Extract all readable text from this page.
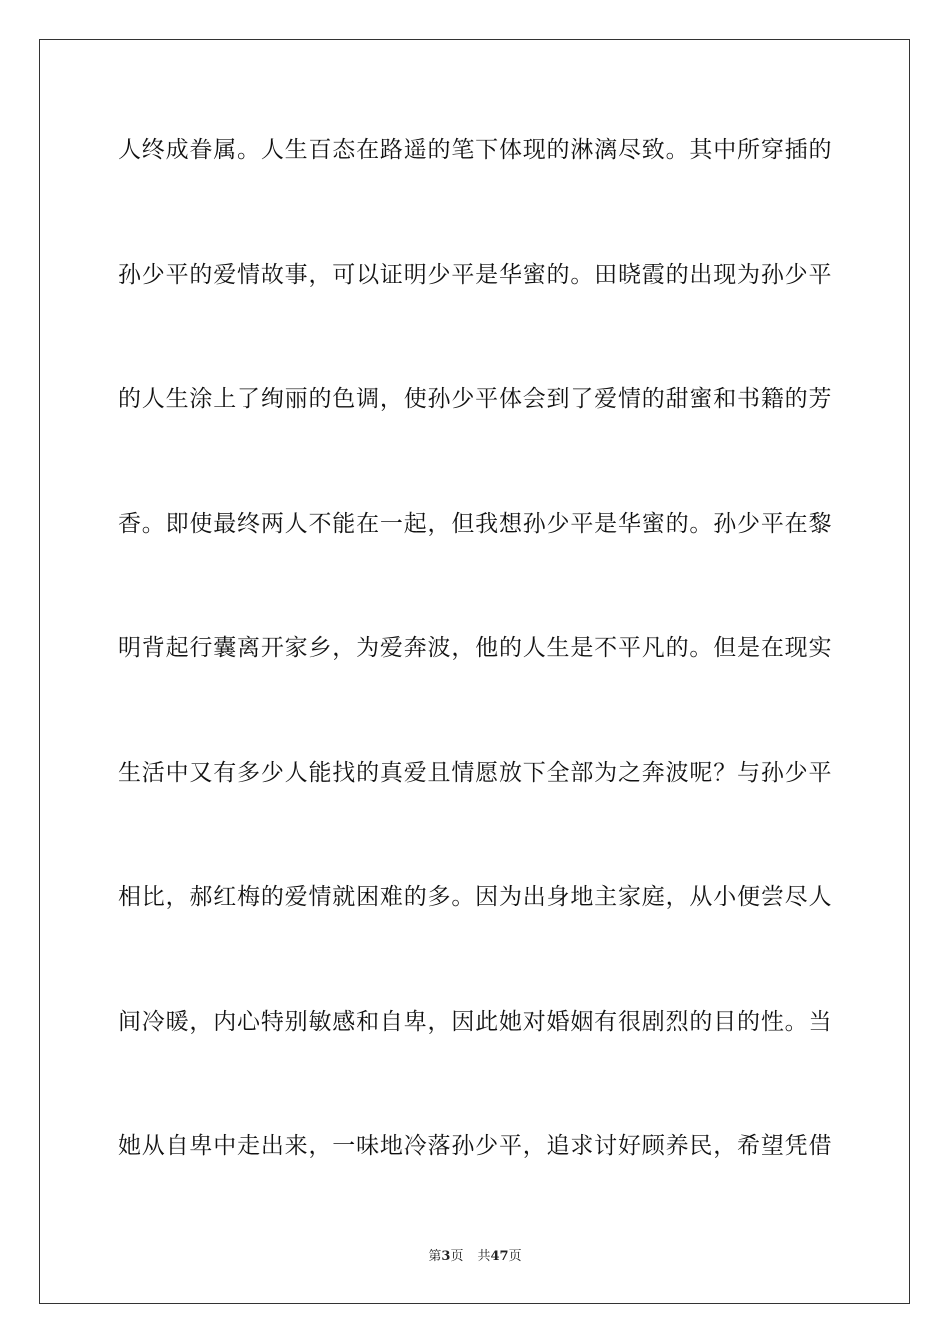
人终成眷属。人生百态在路遥的笔下体现的淋漓尽致。其中所穿插的
孙少平的爱情故事，可以证明少平是华蜜的。田晓霞的出现为孙少平
的人生涂上了绚丽的色调，使孙少平体会到了爱情的甜蜜和书籍的芳
香。即使最终两人不能在一起，但我想孙少平是华蜜的。孙少平在黎
明背起行囊离开家乡，为爱奔波，他的人生是不平凡的。但是在现实
生活中又有多少人能找的真爱且情愿放下全部为之奔波呢？与孙少平
相比，郝红梅的爱情就困难的多。因为出身地主家庭，从小便尝尽人
间冷暖，内心特别敏感和自卑，因此她对婚姻有很剧烈的目的性。当
她从自卑中走出来，一味地冷落孙少平，追求讨好顾养民，希望凭借
第3页 共47页
